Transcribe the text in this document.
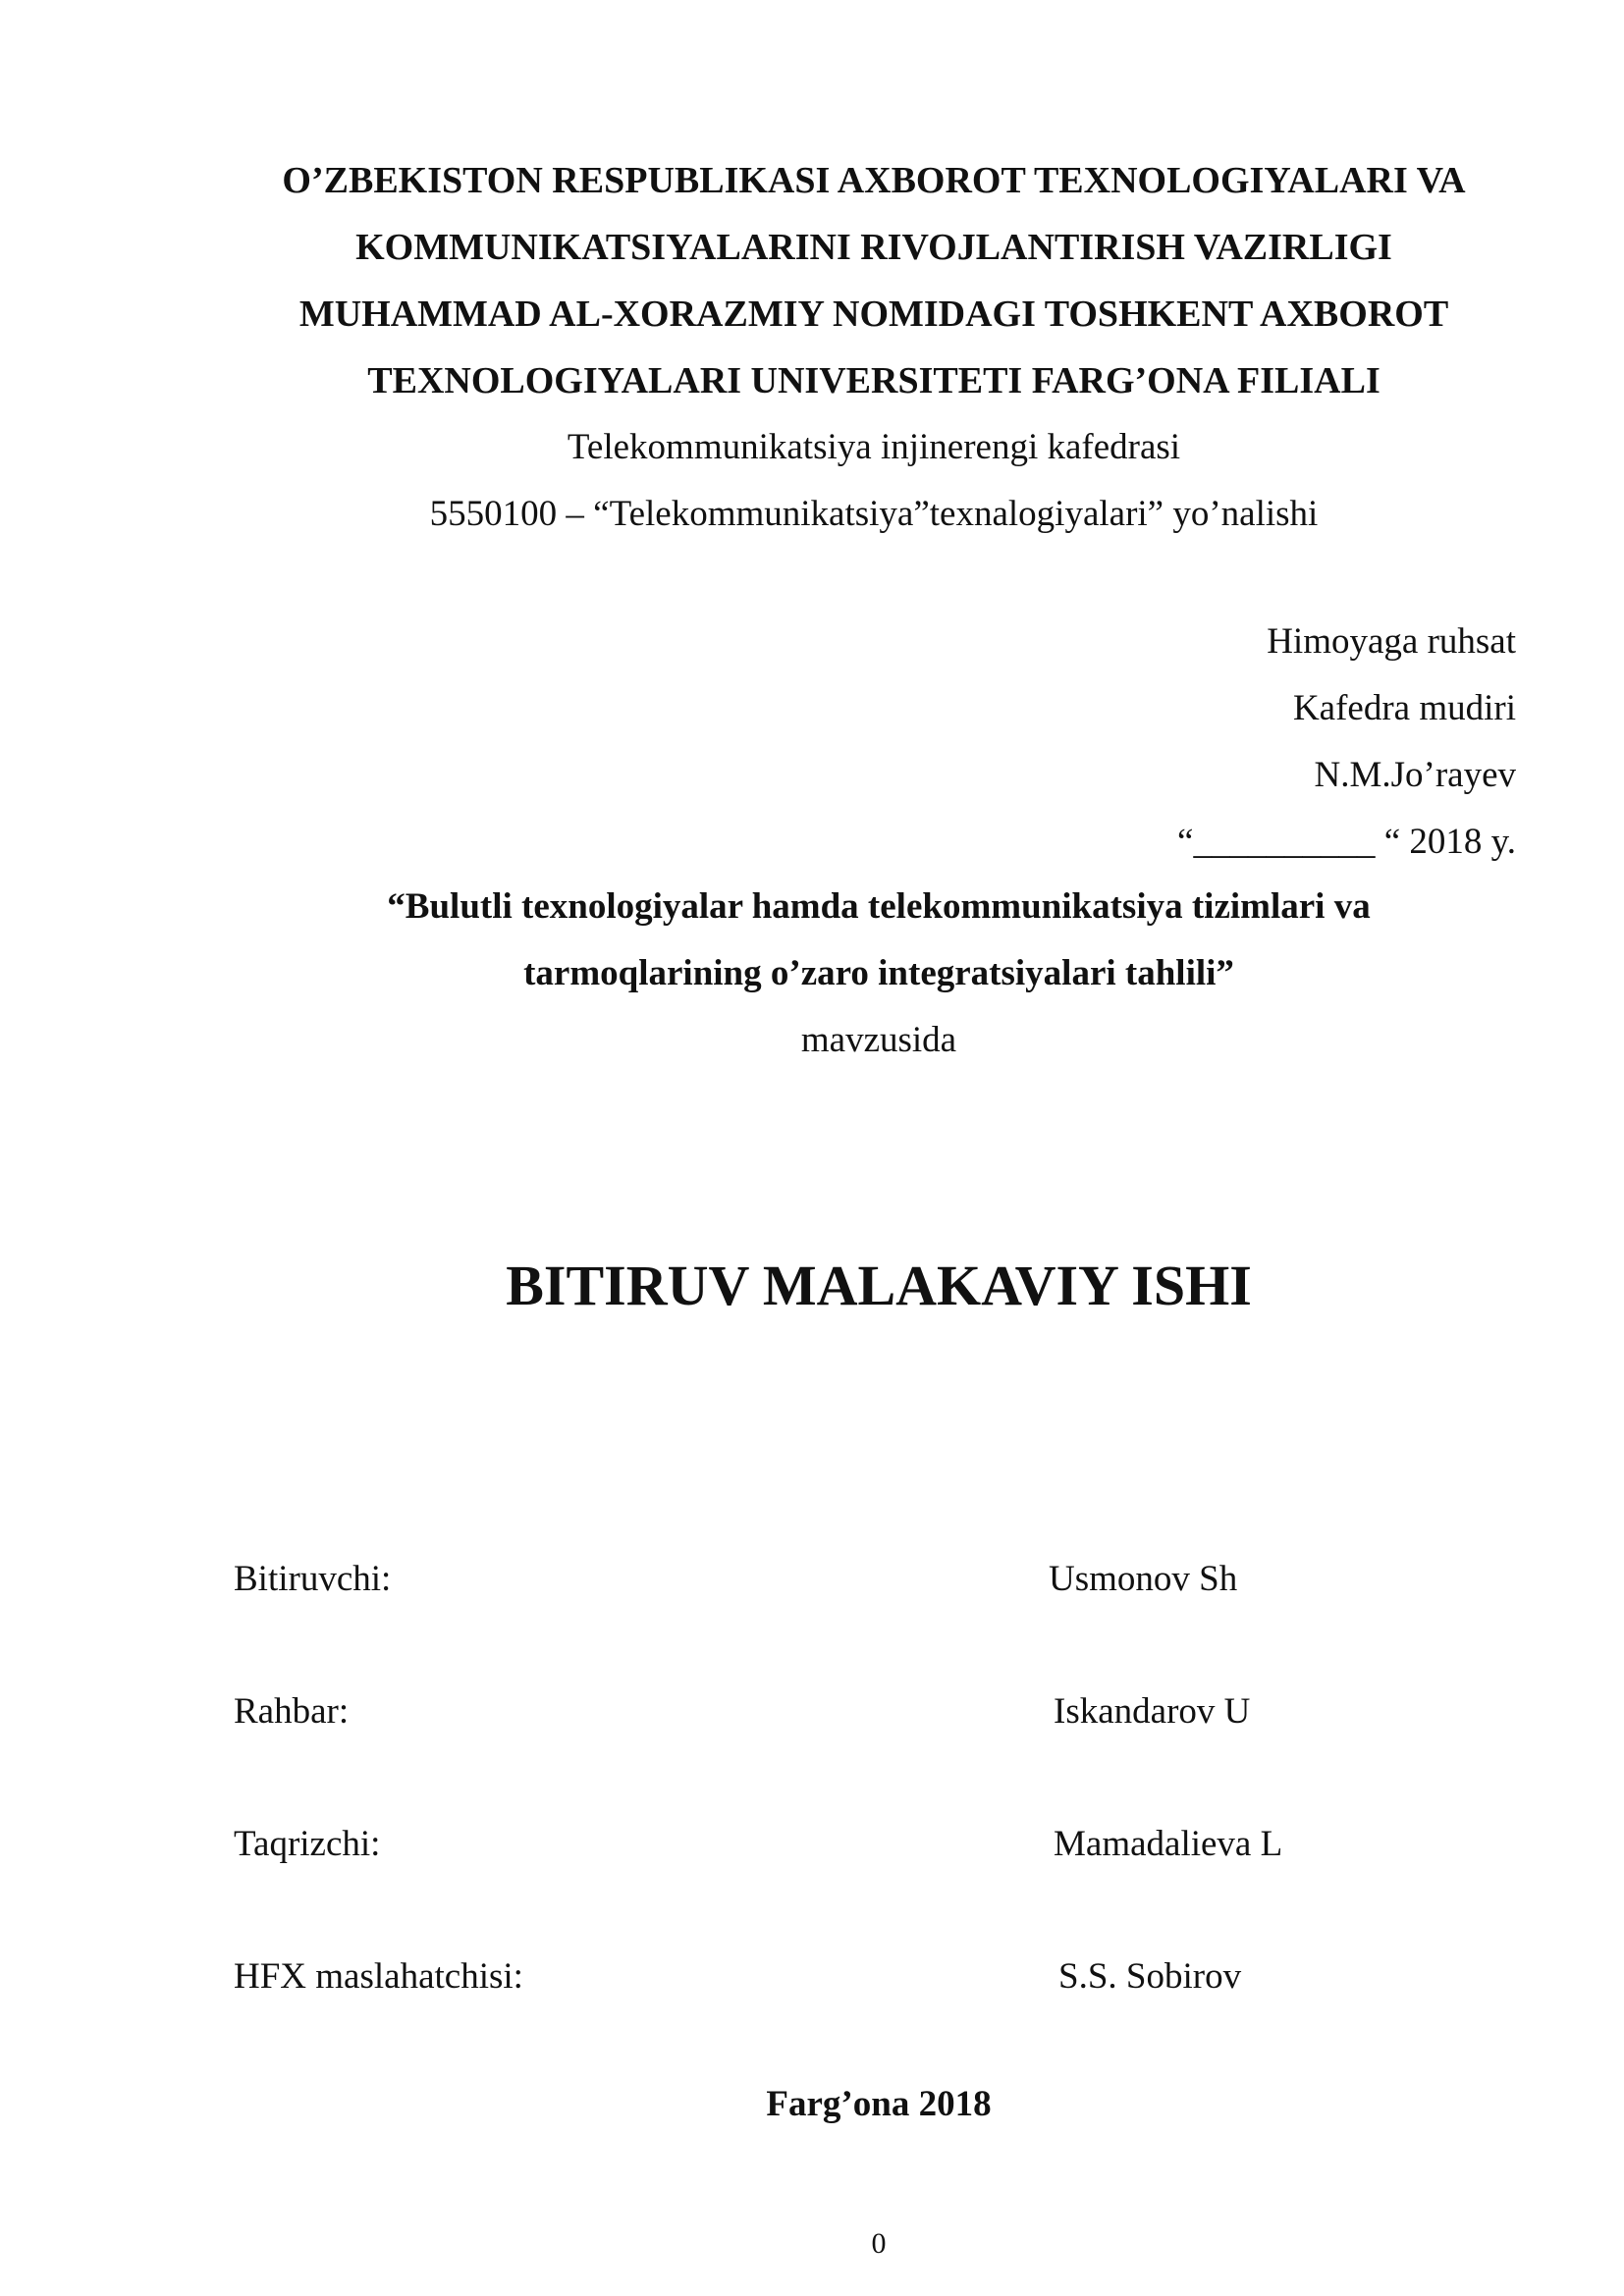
O’ZBEKISTON RESPUBLIKASI AXBOROT TEXNOLOGIYALARI VA
KOMMUNIKATSIYALARINI RIVOJLANTIRISH VAZIRLIGI
MUHAMMAD AL-XORAZMIY NOMIDAGI TOSHKENT AXBOROT
TEXNOLOGIYALARI UNIVERSITETI FARG’ONA FILIALI
Telekommunikatsiya injinerengi kafedrasi
5550100 – “Telekommunikatsiya”texnalogiyalari” yo’nalishi
Himoyaga ruhsat
Kafedra mudiri
N.M.Jo’rayev
“__________ “ 2018 y.
“Bulutli texnologiyalar hamda telekommunikatsiya tizimlari va
tarmoqlarining o’zaro integratsiyalari tahlili”
mavzusida
BITIRUV MALAKAVIY ISHI
Bitiruvchi:	Usmonov Sh
Rahbar:	Iskandarov U
Taqrizchi:	Mamadalieva L
HFX maslahatchisi:	S.S. Sobirov
Farg’ona 2018
0
